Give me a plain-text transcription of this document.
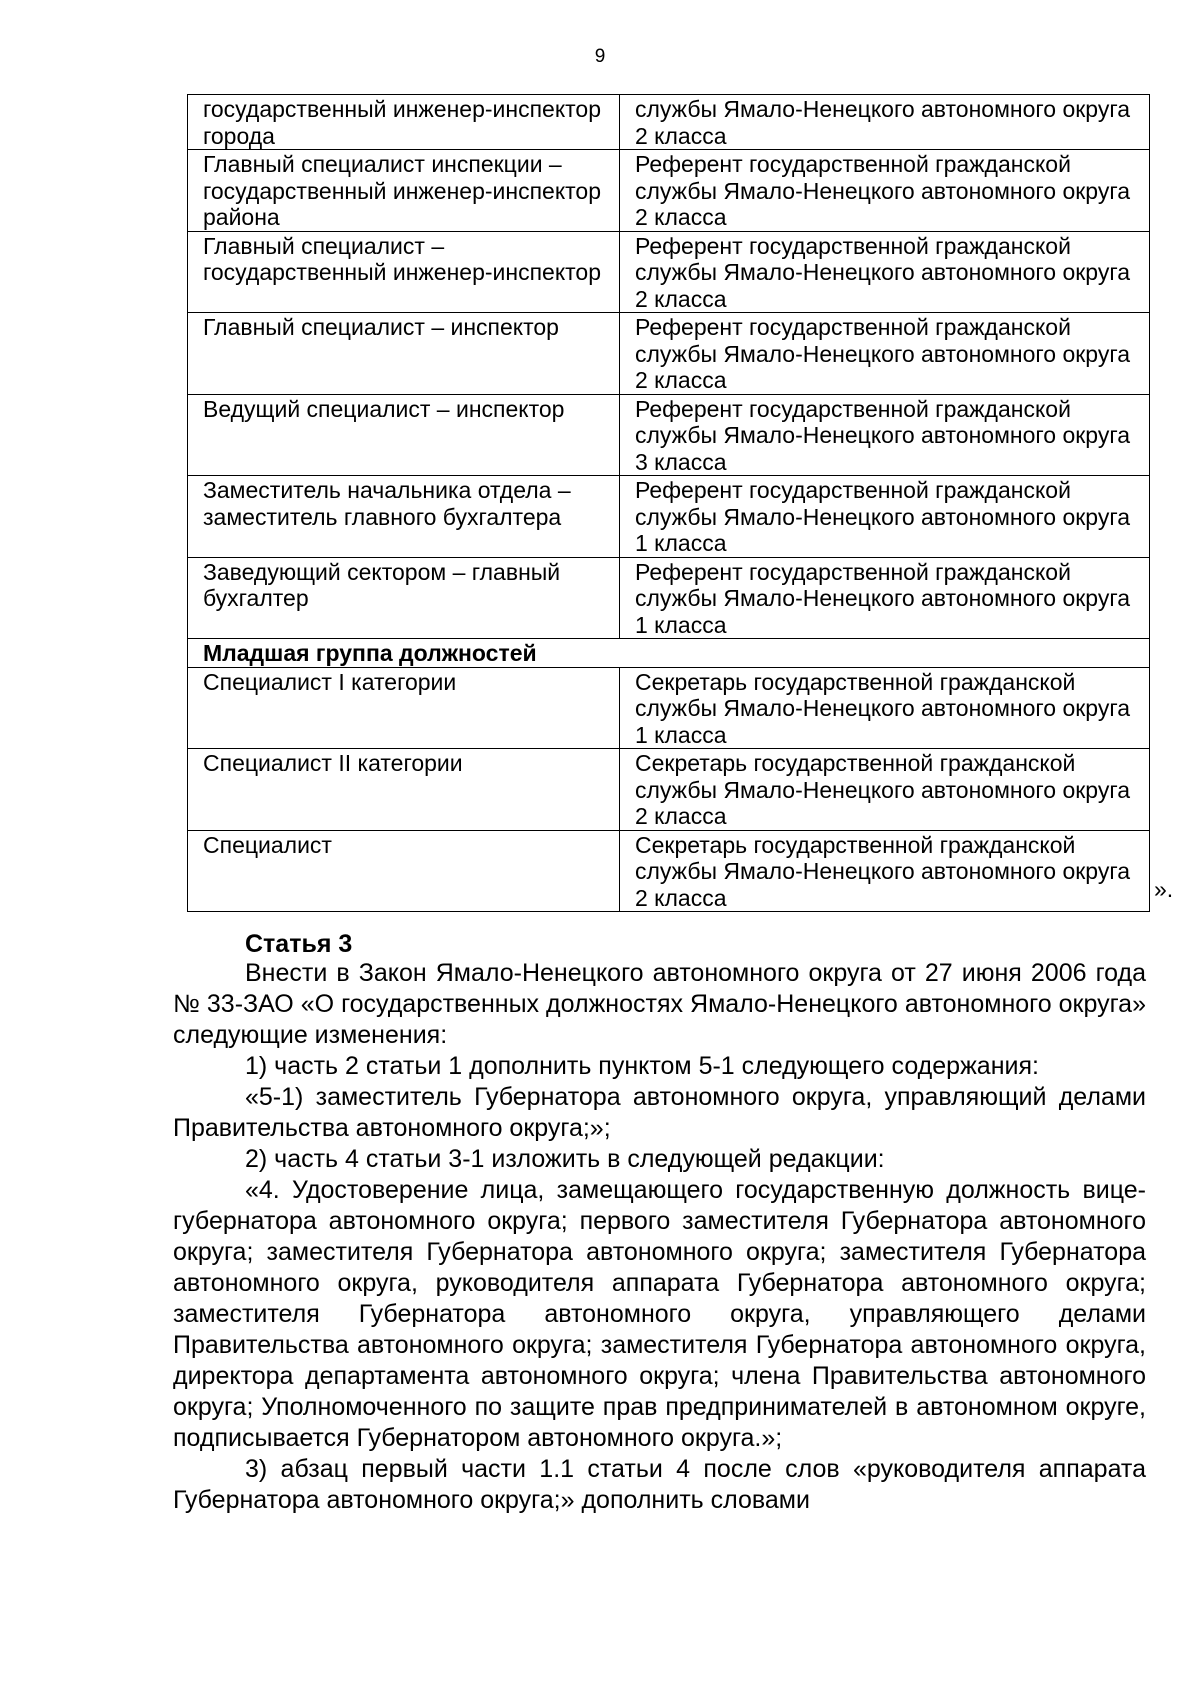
9
государственный инженер-инспектор города	службы Ямало-Ненецкого автономного округа 2 класса
Главный специалист инспекции – государственный инженер-инспектор района	Референт государственной гражданской службы Ямало-Ненецкого автономного округа 2 класса
Главный специалист – государственный инженер-инспектор	Референт государственной гражданской службы Ямало-Ненецкого автономного округа 2 класса
Главный специалист – инспектор	Референт государственной гражданской службы Ямало-Ненецкого автономного округа 2 класса
Ведущий специалист – инспектор	Референт государственной гражданской службы Ямало-Ненецкого автономного округа 3 класса
Заместитель начальника отдела – заместитель главного бухгалтера	Референт государственной гражданской службы Ямало-Ненецкого автономного округа 1 класса
Заведующий сектором – главный бухгалтер	Референт государственной гражданской службы Ямало-Ненецкого автономного округа 1 класса
Младшая группа должностей	
Специалист I категории	Секретарь государственной гражданской службы Ямало-Ненецкого автономного округа 1 класса
Специалист II категории	Секретарь государственной гражданской службы Ямало-Ненецкого автономного округа 2 класса
Специалист	Секретарь государственной гражданской службы Ямало-Ненецкого автономного округа 2 класса	».
Статья 3

Внести в Закон Ямало-Ненецкого автономного округа от 27 июня 2006 года № 33-ЗАО «О государственных должностях Ямало-Ненецкого автономного округа» следующие изменения:

1) часть 2 статьи 1 дополнить пунктом 5-1 следующего содержания:

«5-1) заместитель Губернатора автономного округа, управляющий делами Правительства автономного округа;»;

2) часть 4 статьи 3-1 изложить в следующей редакции:

«4. Удостоверение лица, замещающего государственную должность вице-губернатора автономного округа; первого заместителя Губернатора автономного округа; заместителя Губернатора автономного округа; заместителя Губернатора автономного округа, руководителя аппарата Губернатора автономного округа; заместителя Губернатора автономного округа, управляющего делами Правительства автономного округа; заместителя Губернатора автономного округа, директора департамента автономного округа; члена Правительства автономного округа; Уполномоченного по защите прав предпринимателей в автономном округе, подписывается Губернатором автономного округа.»;

3) абзац первый части 1.1 статьи 4 после слов «руководителя аппарата Губернатора автономного округа;» дополнить словами
